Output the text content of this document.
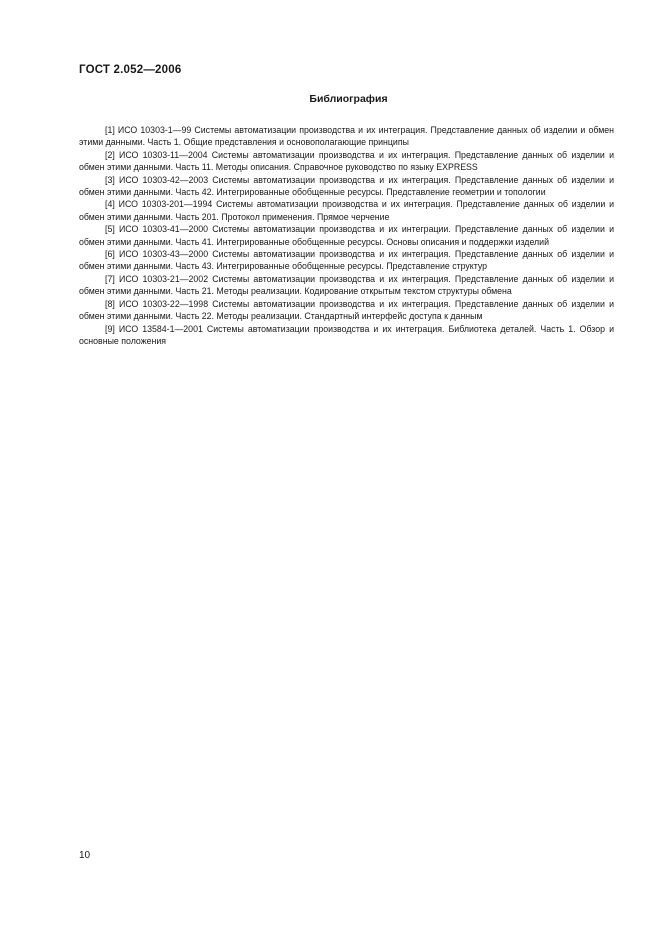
ГОСТ 2.052—2006
Библиография

[1] ИСО 10303-1—99 Системы автоматизации производства и их интеграция. Представление данных об изделии и обмен этими данными. Часть 1. Общие представления и основополагающие принципы

[2] ИСО 10303-11—2004 Системы автоматизации производства и их интеграция. Представление данных об изделии и обмен этими данными. Часть 11. Методы описания. Справочное руководство по языку EXPRESS

[3] ИСО 10303-42—2003 Системы автоматизации производства и их интеграция. Представление данных об изделии и обмен этими данными. Часть 42. Интегрированные обобщенные ресурсы. Представление геометрии и топологии

[4] ИСО 10303-201—1994 Системы автоматизации производства и их интеграция. Представление данных об изделии и обмен этими данными. Часть 201. Протокол применения. Прямое черчение

[5] ИСО 10303-41—2000 Системы автоматизации производства и их интеграции. Представление данных об изделии и обмен этими данными. Часть 41. Интегрированные обобщенные ресурсы. Основы описания и поддержки изделий

[6] ИСО 10303-43—2000 Системы автоматизации производства и их интеграция. Представление данных об изделии и обмен этими данными. Часть 43. Интегрированные обобщенные ресурсы. Представление структур

[7] ИСО 10303-21—2002 Системы автоматизации производства и их интеграция. Представление данных об изделии и обмен этими данными. Часть 21. Методы реализации. Кодирование открытым текстом структуры обмена

[8] ИСО 10303-22—1998 Системы автоматизации производства и их интеграция. Представление данных об изделии и обмен этими данными. Часть 22. Методы реализации. Стандартный интерфейс доступа к данным

[9] ИСО 13584-1—2001 Системы автоматизации производства и их интеграция. Библиотека деталей. Часть 1. Обзор и основные положения

10
